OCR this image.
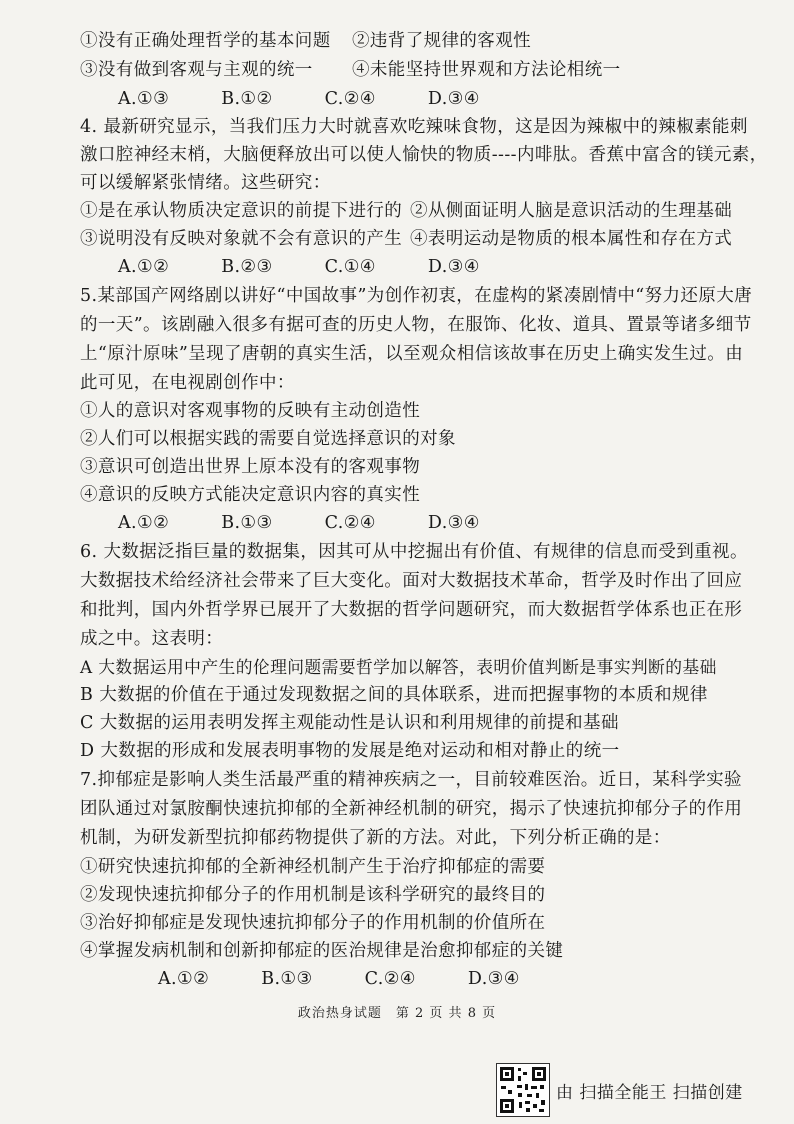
①没有正确处理哲学的基本问题 ②违背了规律的客观性
③没有做到客观与主观的统一 ④未能坚持世界观和方法论相统一
A.①③	B.①②	C.②④	D.③④
4. 最新研究显示，当我们压力大时就喜欢吃辣味食物，这是因为辣椒中的辣椒素能刺
激口腔神经末梢，大脑便释放出可以使人愉快的物质----内啡肽。香蕉中富含的镁元素，
可以缓解紧张情绪。这些研究：
①是在承认物质决定意识的前提下进行的 ②从侧面证明人脑是意识活动的生理基础
③说明没有反映对象就不会有意识的产生 ④表明运动是物质的根本属性和存在方式
A.①②	B.②③	C.①④	D.③④
5.某部国产网络剧以讲好“中国故事”为创作初衷，在虚构的紧凑剧情中“努力还原大唐
的一天”。该剧融入很多有据可查的历史人物，在服饰、化妆、道具、置景等诸多细节
上“原汁原味”呈现了唐朝的真实生活，以至观众相信该故事在历史上确实发生过。由
此可见，在电视剧创作中：
①人的意识对客观事物的反映有主动创造性
②人们可以根据实践的需要自觉选择意识的对象
③意识可创造出世界上原本没有的客观事物
④意识的反映方式能决定意识内容的真实性
A.①②	B.①③	C.②④	D.③④
6. 大数据泛指巨量的数据集，因其可从中挖掘出有价值、有规律的信息而受到重视。
大数据技术给经济社会带来了巨大变化。面对大数据技术革命，哲学及时作出了回应
和批判，国内外哲学界已展开了大数据的哲学问题研究，而大数据哲学体系也正在形
成之中。这表明：
A 大数据运用中产生的伦理问题需要哲学加以解答，表明价值判断是事实判断的基础
B 大数据的价值在于通过发现数据之间的具体联系，进而把握事物的本质和规律
C 大数据的运用表明发挥主观能动性是认识和利用规律的前提和基础
D 大数据的形成和发展表明事物的发展是绝对运动和相对静止的统一
7.抑郁症是影响人类生活最严重的精神疾病之一，目前较难医治。近日，某科学实验
团队通过对氯胺酮快速抗抑郁的全新神经机制的研究，揭示了快速抗抑郁分子的作用
机制，为研发新型抗抑郁药物提供了新的方法。对此，下列分析正确的是：
①研究快速抗抑郁的全新神经机制产生于治疗抑郁症的需要
②发现快速抗抑郁分子的作用机制是该科学研究的最终目的
③治好抑郁症是发现快速抗抑郁分子的作用机制的价值所在
④掌握发病机制和创新抑郁症的医治规律是治愈抑郁症的关键
A.①②	B.①③	C.②④	D.③④
政治热身试题　第 2 页 共 8 页
由 扫描全能王 扫描创建
